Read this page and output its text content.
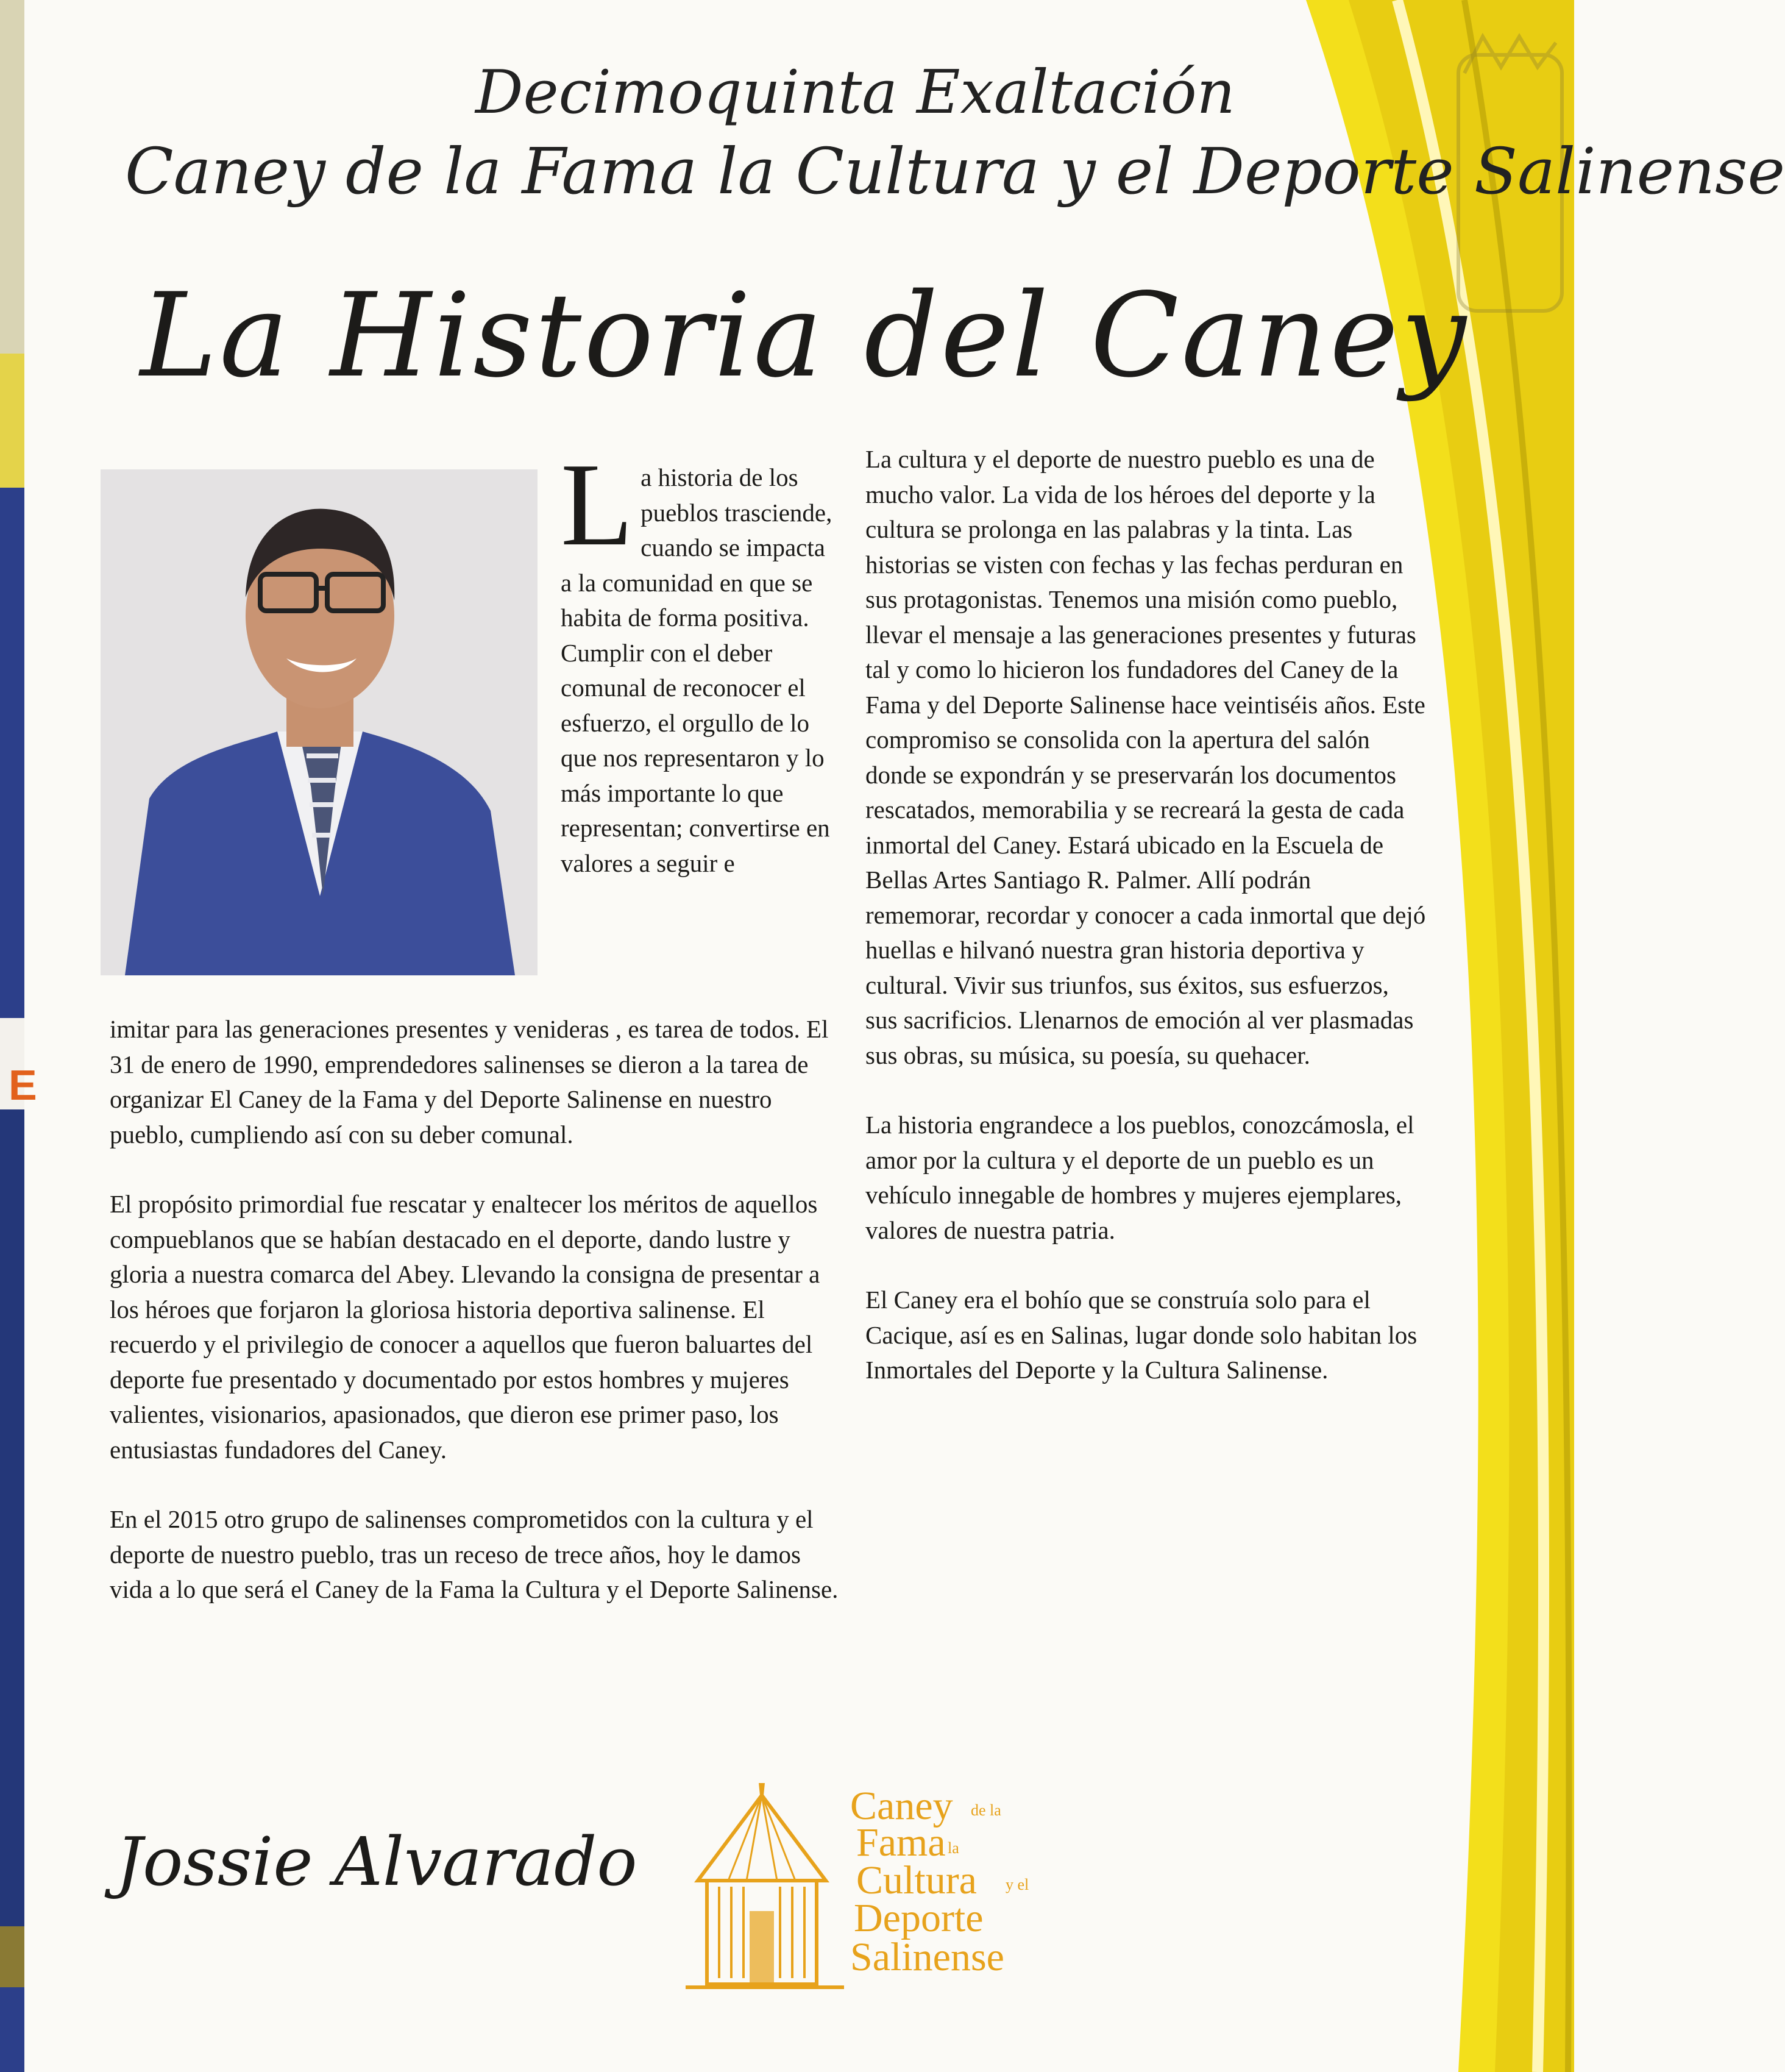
E
Decimoquinta Exaltación
Caney de la Fama la Cultura y el Deporte Salinense
La Historia del Caney
La historia de los pueblos trasciende, cuando se impacta a la comunidad en que se habita de forma positiva. Cumplir con el deber comunal de reconocer el esfuerzo, el orgullo de lo que nos representaron y lo más importante lo que representan; convertirse en valores a seguir e

imitar para las generaciones presentes y venideras , es tarea de todos. El 31 de enero de 1990, emprendedores salinenses se dieron a la tarea de organizar El Caney de la Fama y del Deporte Salinense en nuestro pueblo, cumpliendo así con su deber comunal.

El propósito primordial fue rescatar y enaltecer los méritos de aquellos compueblanos que se habían destacado en el deporte, dando lustre y gloria a nuestra comarca del Abey. Llevando la consigna de presentar a los héroes que forjaron la gloriosa historia deportiva salinense. El recuerdo y el privilegio de conocer a aquellos que fueron baluartes del deporte fue presentado y documentado por estos hombres y mujeres valientes, visionarios, apasionados, que dieron ese primer paso, los entusiastas fundadores del Caney.

En el 2015 otro grupo de salinenses comprometidos con la cultura y el deporte de nuestro pueblo, tras un receso de trece años, hoy le damos vida a lo que será el Caney de la Fama la Cultura y el Deporte Salinense.

La cultura y el deporte de nuestro pueblo es una de mucho valor. La vida de los héroes del deporte y la cultura se prolonga en las palabras y la tinta. Las historias se visten con fechas y las fechas perduran en sus protagonistas. Tenemos una misión como pueblo, llevar el mensaje a las generaciones presentes y futuras tal y como lo hicieron los fundadores del Caney de la Fama y del Deporte Salinense hace veintiséis años. Este compromiso se consolida con la apertura del salón donde se expondrán y se preservarán los documentos rescatados, memorabilia y se recreará la gesta de cada inmortal del Caney. Estará ubicado en la Escuela de Bellas Artes Santiago R. Palmer. Allí podrán rememorar, recordar y conocer a cada inmortal que dejó huellas e hilvanó nuestra gran historia deportiva y cultural. Vivir sus triunfos, sus éxitos, sus esfuerzos, sus sacrificios. Llenarnos de emoción al ver plasmadas sus obras, su música, su poesía, su quehacer.

La historia engrandece a los pueblos, conozcámosla, el amor por la cultura y el deporte de un pueblo es un vehículo innegable de hombres y mujeres ejemplares, valores de nuestra patria.

El Caney era el bohío que se construía solo para el Cacique, así es en Salinas, lugar donde solo habitan los Inmortales del Deporte y la Cultura Salinense.

Jossie Alvarado
Caney de la
Fama la
Cultura y el
Deporte
Salinense
